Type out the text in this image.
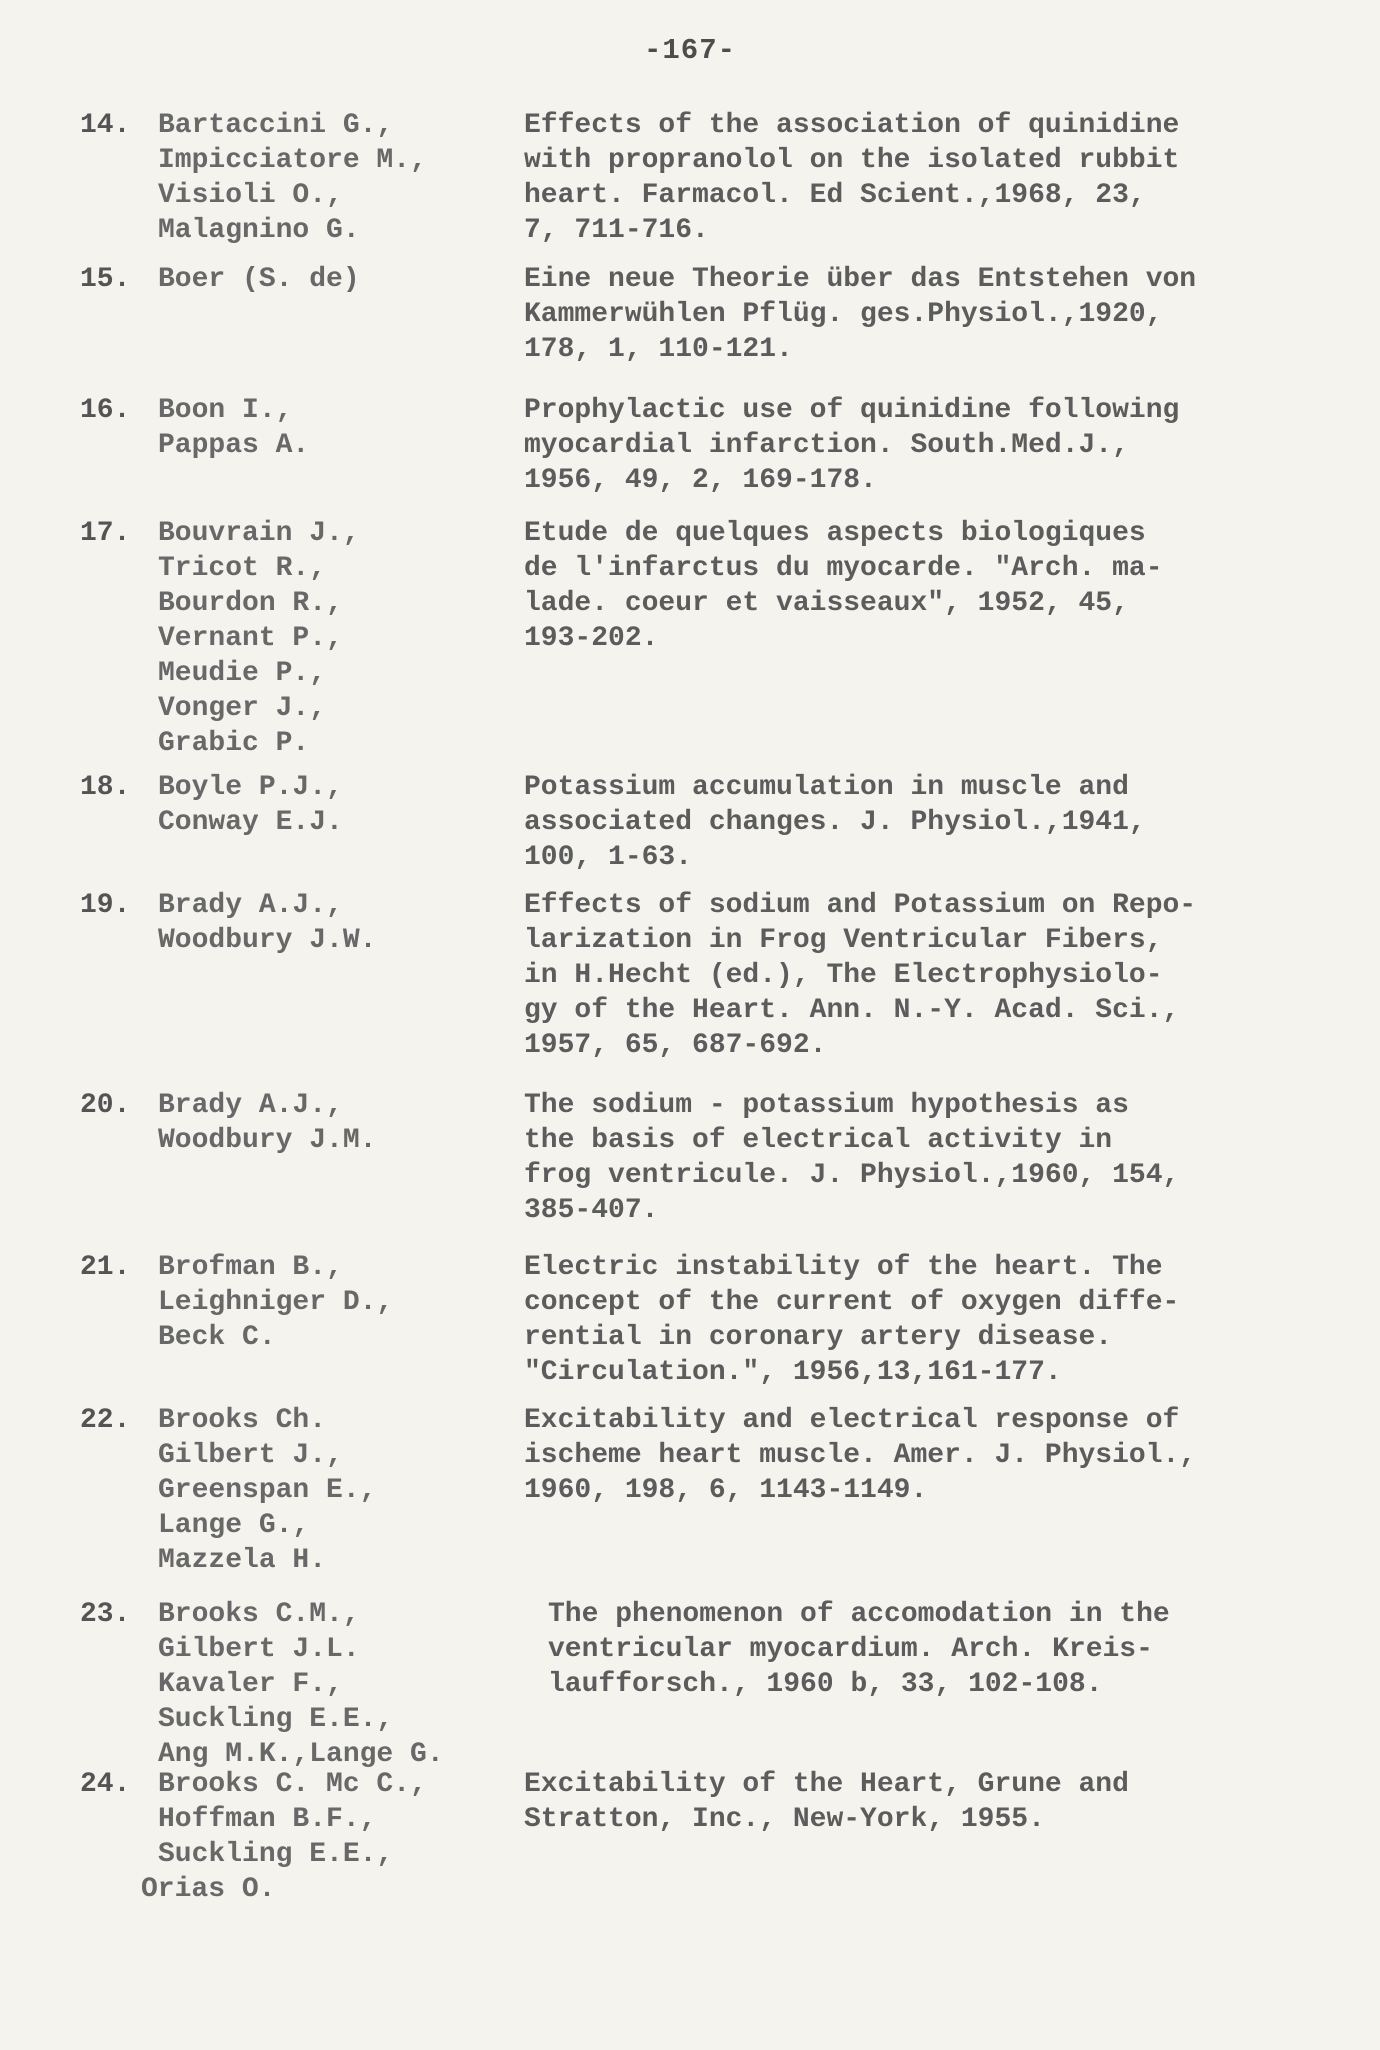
-167-
14. Bartaccini G.,
Impicciatore M.,
Visioli O.,
Malagnino G.
Effects of the association of quinidine
with propranolol on the isolated rubbit
heart. Farmacol. Ed Scient.,1968, 23,
7, 711-716.
15. Boer (S. de)	Eine neue Theorie über das Entstehen von
Kammerwühlen Pflüg. ges.Physiol.,1920,
178, 1, 110-121.
16. Boon I.,
Pappas A.
Prophylactic use of quinidine following
myocardial infarction. South.Med.J.,
1956, 49, 2, 169-178.
17. Bouvrain J.,
Tricot R.,
Bourdon R.,
Vernant P.,
Meudie P.,
Vonger J.,
Grabic P.
Etude de quelques aspects biologiques
de l'infarctus du myocarde. "Arch. ma-
lade. coeur et vaisseaux", 1952, 45,
193-202.
18. Boyle P.J.,
Conway E.J.
Potassium accumulation in muscle and
associated changes. J. Physiol.,1941,
100, 1-63.
19. Brady A.J.,
Woodbury J.W.
Effects of sodium and Potassium on Repo-
larization in Frog Ventricular Fibers,
in H.Hecht (ed.), The Electrophysiolo-
gy of the Heart. Ann. N.-Y. Acad. Sci.,
1957, 65, 687-692.
20. Brady A.J.,
Woodbury J.M.
The sodium - potassium hypothesis as
the basis of electrical activity in
frog ventricule. J. Physiol.,1960, 154,
385-407.
21. Brofman B.,
Leighniger D.,
Beck C.
Electric instability of the heart. The
concept of the current of oxygen diffe-
rential in coronary artery disease.
"Circulation.", 1956,13,161-177.
22. Brooks Ch.
Gilbert J.,
Greenspan E.,
Lange G.,
Mazzela H.
Excitability and electrical response of
ischeme heart muscle. Amer. J. Physiol.,
1960, 198, 6, 1143-1149.
23. Brooks C.M.,
Gilbert J.L.
Kavaler F.,
Suckling E.E.,
Ang M.K.,Lange G.
The phenomenon of accomodation in the
ventricular myocardium. Arch. Kreis-
laufforsch., 1960 b, 33, 102-108.
24. Brooks C. Mc C.,
Hoffman B.F.,
Suckling E.E.,
Orias O.
Excitability of the Heart, Grune and
Stratton, Inc., New-York, 1955.
